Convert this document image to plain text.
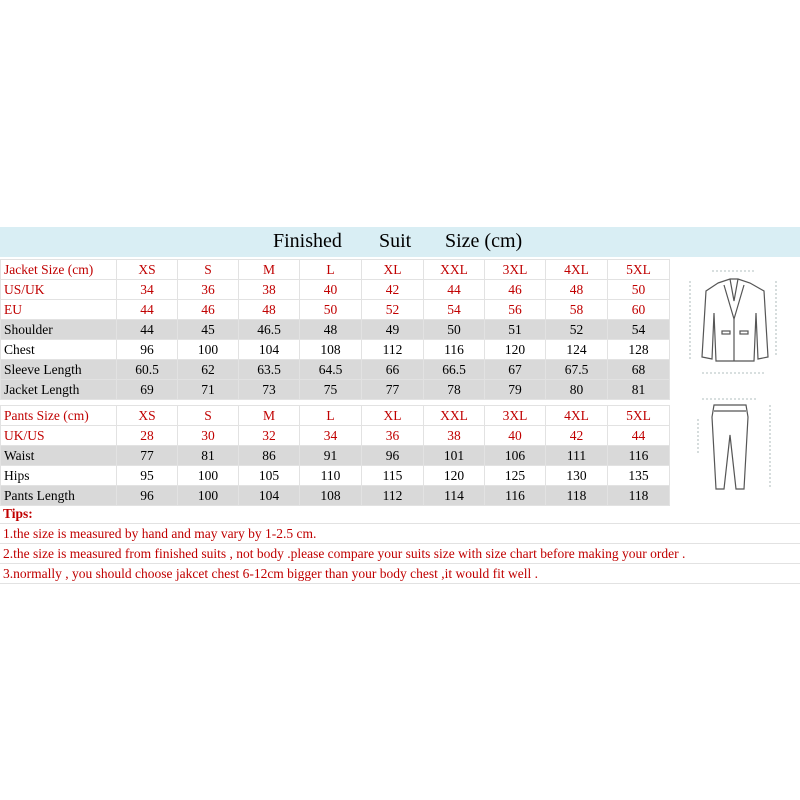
Finished Suit Size (cm)
Jacket Size (cm)	XS	S	M	L	XL	XXL	3XL	4XL	5XL
US/UK	34	36	38	40	42	44	46	48	50
EU	44	46	48	50	52	54	56	58	60
Shoulder	44	45	46.5	48	49	50	51	52	54
Chest	96	100	104	108	112	116	120	124	128
Sleeve Length	60.5	62	63.5	64.5	66	66.5	67	67.5	68
Jacket Length	69	71	73	75	77	78	79	80	81
Pants Size (cm)	XS	S	M	L	XL	XXL	3XL	4XL	5XL
UK/US	28	30	32	34	36	38	40	42	44
Waist	77	81	86	91	96	101	106	111	116
Hips	95	100	105	110	115	120	125	130	135
Pants Length	96	100	104	108	112	114	116	118	118
Tips:
1.the size is measured by hand and may vary by 1-2.5 cm.
2.the size is measured from finished suits , not body .please compare your suits size with size chart before making your order .
3.normally , you should choose jakcet chest 6-12cm bigger than your body chest ,it would fit well .
